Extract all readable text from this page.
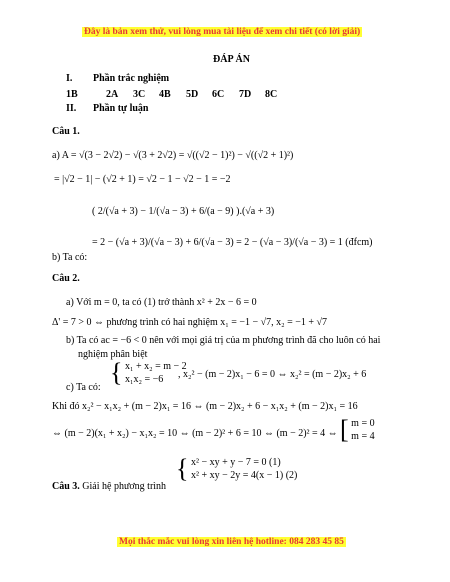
Đây là bản xem thử, vui lòng mua tài liệu để xem chi tiết (có lời giải)
ĐÁP ÁN
I. Phần trắc nghiệm
1B	2A 3C 4B 5D 6C 7D 8C
II. Phần tự luận
Câu 1.
a) A = √(3 − 2√2) − √(3 + 2√2) = √((√2 − 1)²) − √((√2 + 1)²)
= |√2 − 1| − (√2 + 1) = √2 − 1 − √2 − 1 = −2
( 2/(√a + 3) − 1/(√a − 3) + 6/(a − 9) ).(√a + 3)
= 2 − (√a + 3)/(√a − 3) + 6/(√a − 3) = 2 − (√a − 3)/(√a − 3) = 1 (đfcm)
b) Ta có:
Câu 2.
a) Với m = 0, ta có (1) trở thành x² + 2x − 6 = 0
Δ' = 7 > 0 ⇔ phương trình có hai nghiệm x₁ = −1 − √7, x₂ = −1 + √7
b) Ta có ac = −6 < 0 nên với mọi giá trị của m phương trình đã cho luôn có hai
nghiệm phân biệt
c) Ta có:
{ x₁ + x₂ = m − 2
x₁x₂ = −6	, x₂² − (m − 2)x₁ − 6 = 0 ⇔ x₂² = (m − 2)x₂ + 6
Khi đó x₂² − x₁x₂ + (m − 2)x₁ = 16 ⇔ (m − 2)x₂ + 6 − x₁x₂ + (m − 2)x₁ = 16
⇔ (m − 2)(x₁ + x₂) − x₁x₂ = 10 ⇔ (m − 2)² + 6 = 10 ⇔ (m − 2)² = 4 ⇔ [ m = 0
m = 4
Câu 3. Giải hệ phương trình
{ x² − xy + y − 7 = 0 (1)
x² + xy − 2y = 4(x − 1) (2)
Mọi thắc mắc vui lòng xin liên hệ hotline: 084 283 45 85
